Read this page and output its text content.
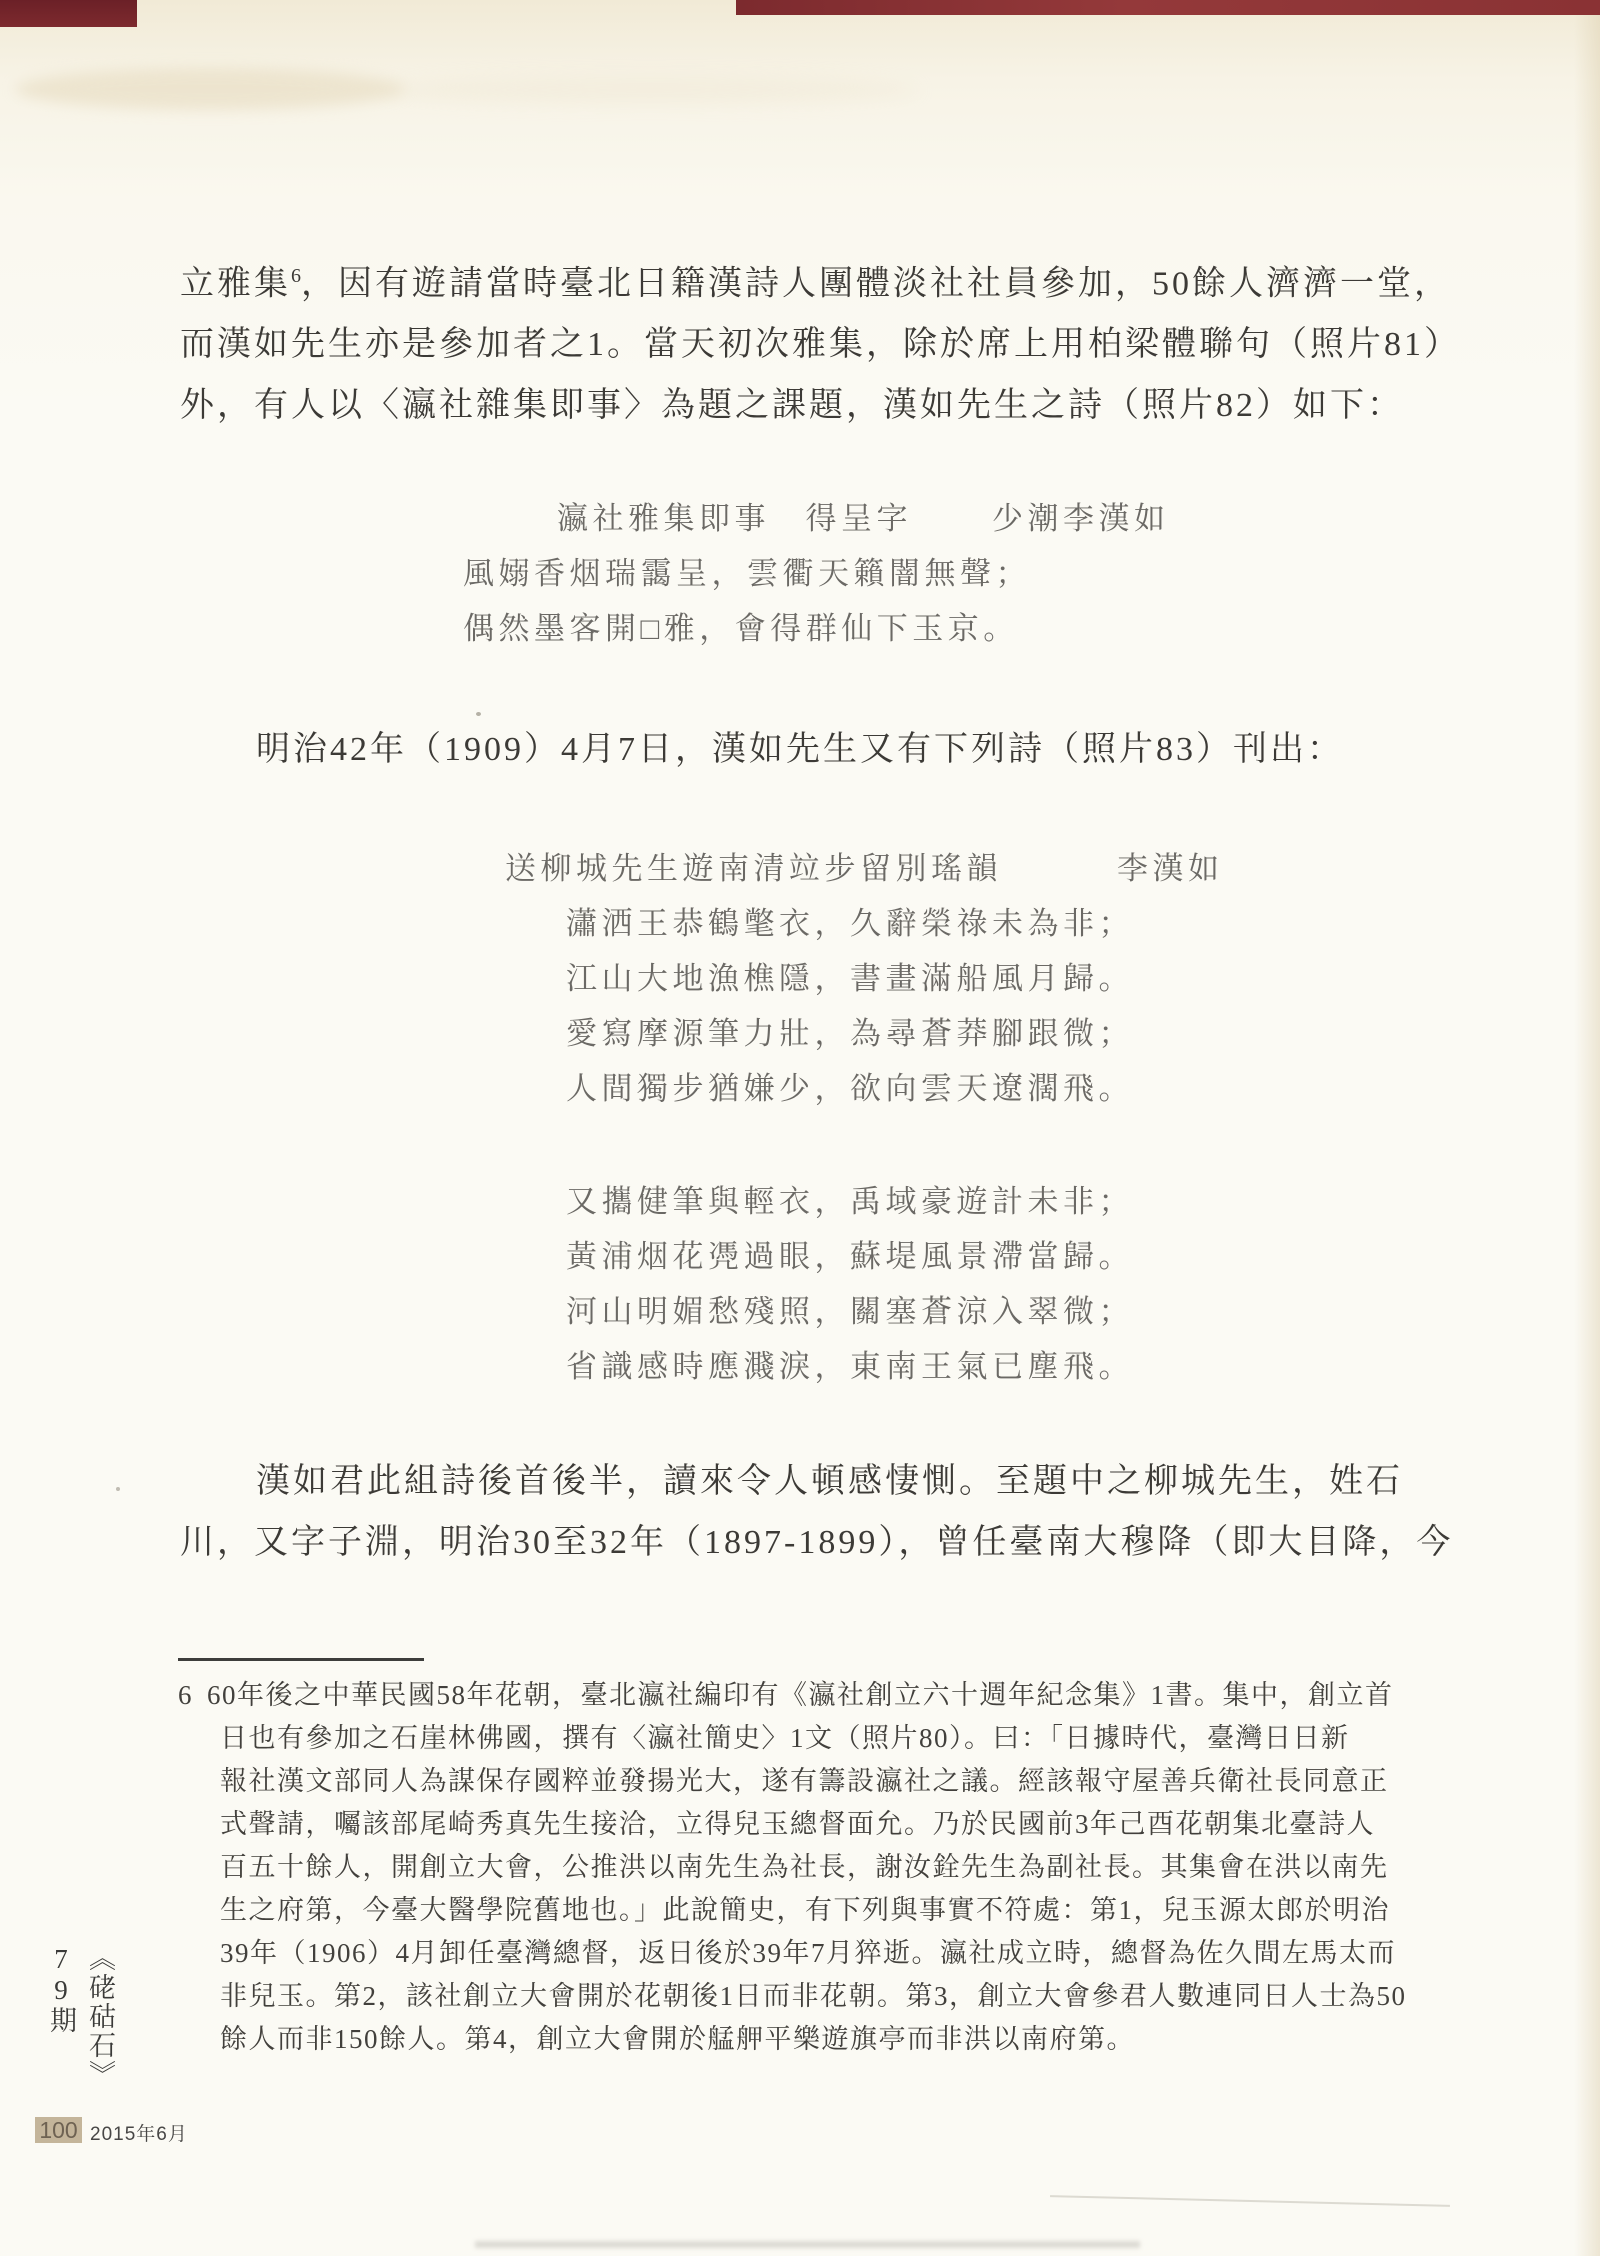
立雅集$^6$，因有遊請當時臺北日籍漢詩人團體淡社社員參加，50餘人濟濟一堂，
而漢如先生亦是參加者之1。當天初次雅集，除於席上用柏梁體聯句（照片81）
外，有人以〈瀛社雜集即事〉為題之課題，漢如先生之詩（照片82）如下：
瀛社雅集即事　得呈字	少潮李漢如
風嫋香烟瑞靄呈，雲衢天籟闇無聲；
偶然墨客開□雅，會得群仙下玉京。
明治42年（1909）4月7日，漢如先生又有下列詩（照片83）刊出：
送柳城先生遊南清竝步留別瑤韻	李漢如
瀟洒王恭鶴氅衣，久辭榮祿未為非；
江山大地漁樵隱，書畫滿船風月歸。
愛寫摩源筆力壯，為尋蒼莽腳跟微；
人間獨步猶嫌少，欲向雲天遼濶飛。
又攜健筆與輕衣，禹域豪遊計未非；
黃浦烟花凴過眼，蘇堤風景滯當歸。
河山明媚愁殘照，關塞蒼涼入翠微；
省識感時應濺淚，東南王氣已塵飛。
漢如君此組詩後首後半，讀來令人頓感悽惻。至題中之柳城先生，姓石
川，又字子淵，明治30至32年（1897-1899），曾任臺南大穆降（即大目降，今
6 60年後之中華民國58年花朝，臺北瀛社編印有《瀛社創立六十週年紀念集》1書。集中，創立首
日也有參加之石崖林佛國，撰有〈瀛社簡史〉1文（照片80）。曰：「日據時代，臺灣日日新
報社漢文部同人為謀保存國粹並發揚光大，遂有籌設瀛社之議。經該報守屋善兵衛社長同意正
式聲請，囑該部尾崎秀真先生接洽，立得兒玉總督面允。乃於民國前3年己酉花朝集北臺詩人
百五十餘人，開創立大會，公推洪以南先生為社長，謝汝銓先生為副社長。其集會在洪以南先
生之府第，今臺大醫學院舊地也。」此說簡史，有下列與事實不符處：第1，兒玉源太郎於明治
39年（1906）4月卸任臺灣總督，返日後於39年7月猝逝。瀛社成立時，總督為佐久間左馬太而
非兒玉。第2，該社創立大會開於花朝後1日而非花朝。第3，創立大會參君人數連同日人士為50
餘人而非150餘人。第4，創立大會開於艋舺平樂遊旗亭而非洪以南府第。
《硓𥑮石》79期
100 2015年6月
